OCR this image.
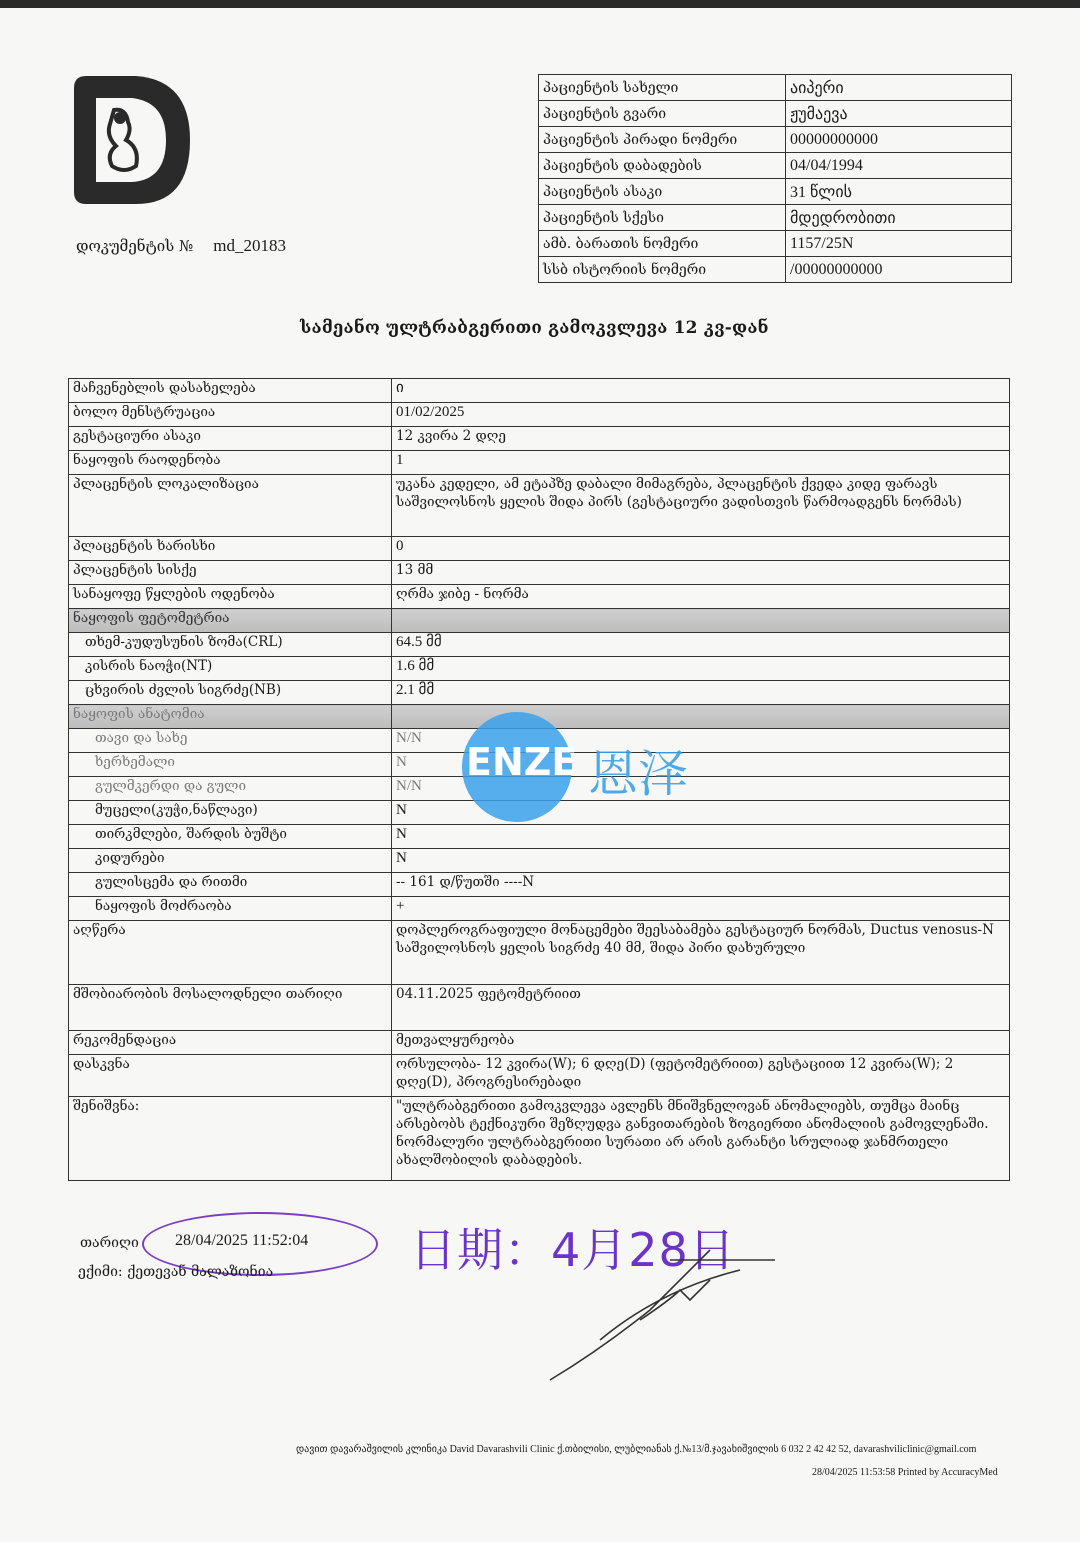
დოკუმენტის № md_20183
პაციენტის სახელი	აიპერი
პაციენტის გვარი	ჟუმაევა
პაციენტის პირადი ნომერი	00000000000
პაციენტის დაბადების	04/04/1994
პაციენტის ასაკი	31 წლის
პაციენტის სქესი	მდედრობითი
ამბ. ბარათის ნომერი	1157/25N
სსბ ისტორიის ნომერი	/00000000000
სამეანო ულტრაბგერითი გამოკვლევა 12 კვ-დან
მაჩვენებლის დასახელება	ი
ბოლო მენსტრუაცია	01/02/2025
გესტაციური ასაკი	12 კვირა 2 დღე
ნაყოფის რაოდენობა	1
პლაცენტის ლოკალიზაცია	უკანა კედელი, ამ ეტაპზე დაბალი მიმაგრება, პლაცენტის ქვედა კიდე ფარავს საშვილოსნოს ყელის შიდა პირს (გესტაციური ვადისთვის წარმოადგენს ნორმას)
პლაცენტის ხარისხი	0
პლაცენტის სისქე	13 მმ
სანაყოფე წყლების ოდენობა	ღრმა ჯიბე - ნორმა
ნაყოფის ფეტომეტრია	
თხემ-კუდუსუნის ზომა(CRL)	64.5 მმ
კისრის ნაოჭი(NT)	1.6 მმ
ცხვირის ძვლის სიგრძე(NB)	2.1 მმ
ნაყოფის ანატომია	
თავი და სახე	N/N
ხერხემალი	N
გულმკერდი და გული	N/N
მუცელი(კუჭი,ნაწლავი)	N
თირკმლები, შარდის ბუშტი	N
კიდურები	N
გულისცემა და რითმი	-- 161 დ/წუთში ----N
ნაყოფის მოძრაობა	+
აღწერა	დოპლეროგრაფიული მონაცემები შეესაბამება გესტაციურ ნორმას, Ductus venosus-N
საშვილოსნოს ყელის სიგრძე 40 მმ, შიდა პირი დახურული

მშობიარობის მოსალოდნელი თარიღი	04.11.2025 ფეტომეტრიით
რეკომენდაცია	მეთვალყურეობა
დასკვნა	ორსულობა- 12 კვირა(W); 6 დღე(D) (ფეტომეტრიით) გესტაციით 12 კვირა(W); 2 დღე(D), პროგრესირებადი
შენიშვნა:	"ულტრაბგერითი გამოკვლევა ავლენს მნიშვნელოვან ანომალიებს, თუმცა მაინც არსებობს ტექნიკური შეზღუდვა განვითარების ზოგიერთი ანომალიის გამოვლენაში. ნორმალური ულტრაბგერითი სურათი არ არის გარანტი სრულიად ჯანმრთელი ახალშობილის დაბადების.
ENZE 恩泽
თარიღი 28/04/2025 11:52:04 日期：4月28日
ექიმი: ქეთევან მალაზონია
დავით დავარაშვილის კლინიკა David Davarashvili Clinic ქ.თბილისი, ლუბლიანას ქ.№13/მ.ჯავახიშვილის 6 032 2 42 42 52, davarashviliclinic@gmail.com
28/04/2025 11:53:58 Printed by AccuracyMed
